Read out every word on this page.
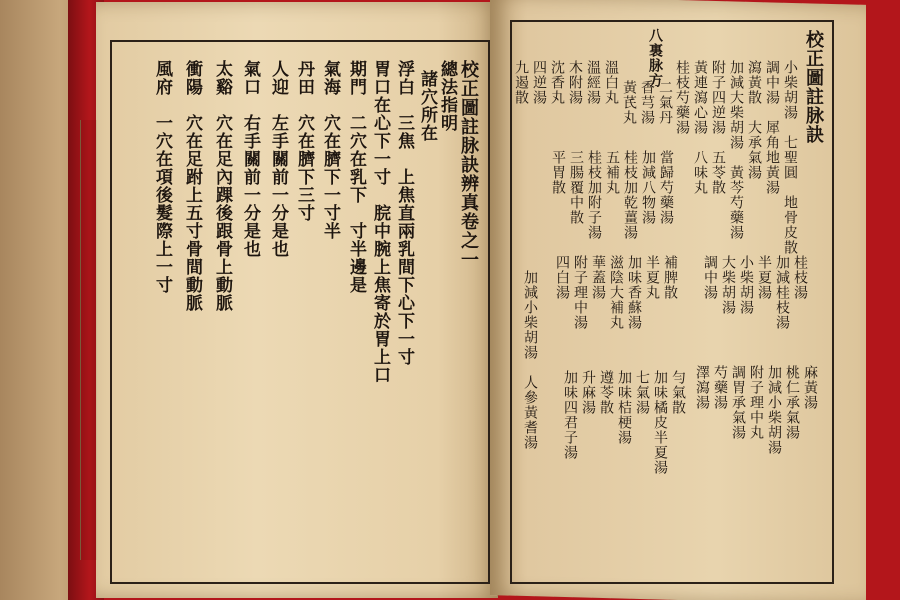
校正圖註脉訣辨真卷之一
總法指明
諸穴所在
浮白　三焦　上焦直兩乳間下心下一寸
胃口在心下一寸　脘中腕上焦寄於胃上口
期門　二穴在乳下　寸半邊是
氣海　穴在臍下一寸半
丹田　穴在臍下三寸
人迎　左手關前一分是也
氣口　右手關前一分是也
太谿　穴在足內踝後跟骨上動脈
衝陽　穴在足跗上五寸骨間動脈
風府　一穴在項後髮際上一寸	校正圖註脉訣
八裏脉方
小柴胡湯　七聖圓　地骨皮散
調中湯　犀角地黃湯
瀉黃散　大承氣湯
加減大柴胡湯　黃芩芍藥湯
附子四逆湯　五苓散
黃連瀉心湯　八味丸
桂枝芍藥湯
二氣丹
香芎湯
黃芪丸
溫白丸
溫經湯
木附湯
沈香丸
四逆湯
九遏散
當歸芍藥湯
加減八物湯
桂枝加乾薑湯
五補丸
桂枝加附子湯
三腸覆中散
平胃散
桂枝湯
加減桂枝湯
半夏湯
小柴胡湯
大柴胡湯
調中湯
補脾散
半夏丸
加味香蘇湯
滋陰大補丸
華蓋湯
附子理中湯
四白湯
加減小柴胡湯
勻氣散
加味橘皮半夏湯
七氣湯
加味桔梗湯
遵苓散
升麻湯
加味四君子湯
人參黃耆湯	麻黃湯
桃仁承氣湯
加減小柴胡湯
附子理中丸
調胃承氣湯
芍藥湯
澤瀉湯
